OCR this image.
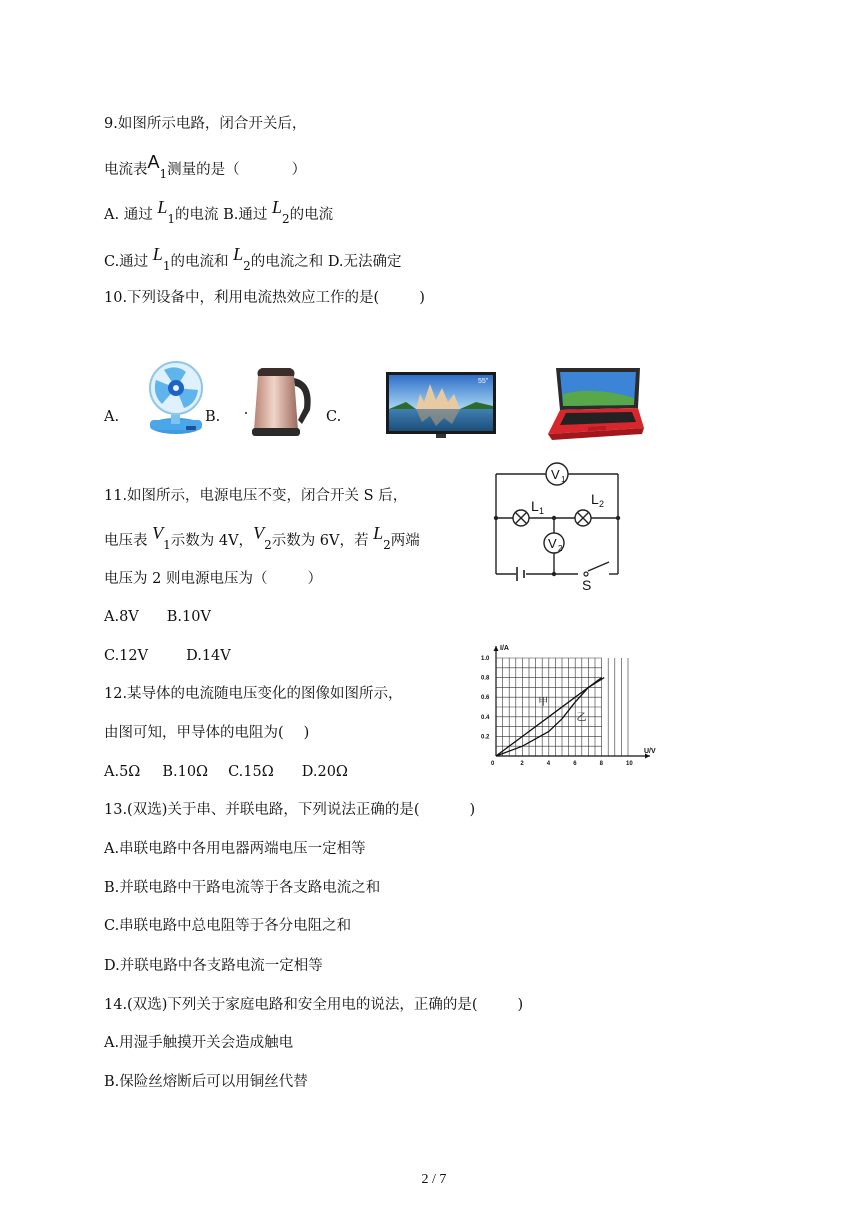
9.如图所示电路，闭合开关后，
电流表$A_1$测量的是（	）
A. 通过 $L_1$的电流 B.通过 $L_2$的电流
C.通过 $L_1$的电流和 $L_2$的电流之和 D.无法确定
10.下列设备中，利用电流热效应工作的是(	)
A.	B.	C.
55"
11.如图所示，电源电压不变，闭合开关 S 后，
电压表 $V_1$示数为 4V，$V_2$示数为 6V，若 $L_2$两端
电压为 2 则电源电压为（	）
A.8V B.10V
C.12V	D.14V
V 1
V 2
L 1
L 2
S
12.某导体的电流随电压变化的图像如图所示，
由图可知，甲导体的电阻为( )
A.5Ω B.10Ω C.15Ω D.20Ω	0	2	4	6	8	10
0.2
0.4
0.6
0.8
1.0
I/A
U/V
甲
乙
13.(双选)关于串、并联电路，下列说法正确的是(	)
A.串联电路中各用电器两端电压一定相等
B.并联电路中干路电流等于各支路电流之和
C.串联电路中总电阻等于各分电阻之和
D.并联电路中各支路电流一定相等
14.(双选)下列关于家庭电路和安全用电的说法，正确的是(	)
A.用湿手触摸开关会造成触电
B.保险丝熔断后可以用铜丝代替
2 / 7
